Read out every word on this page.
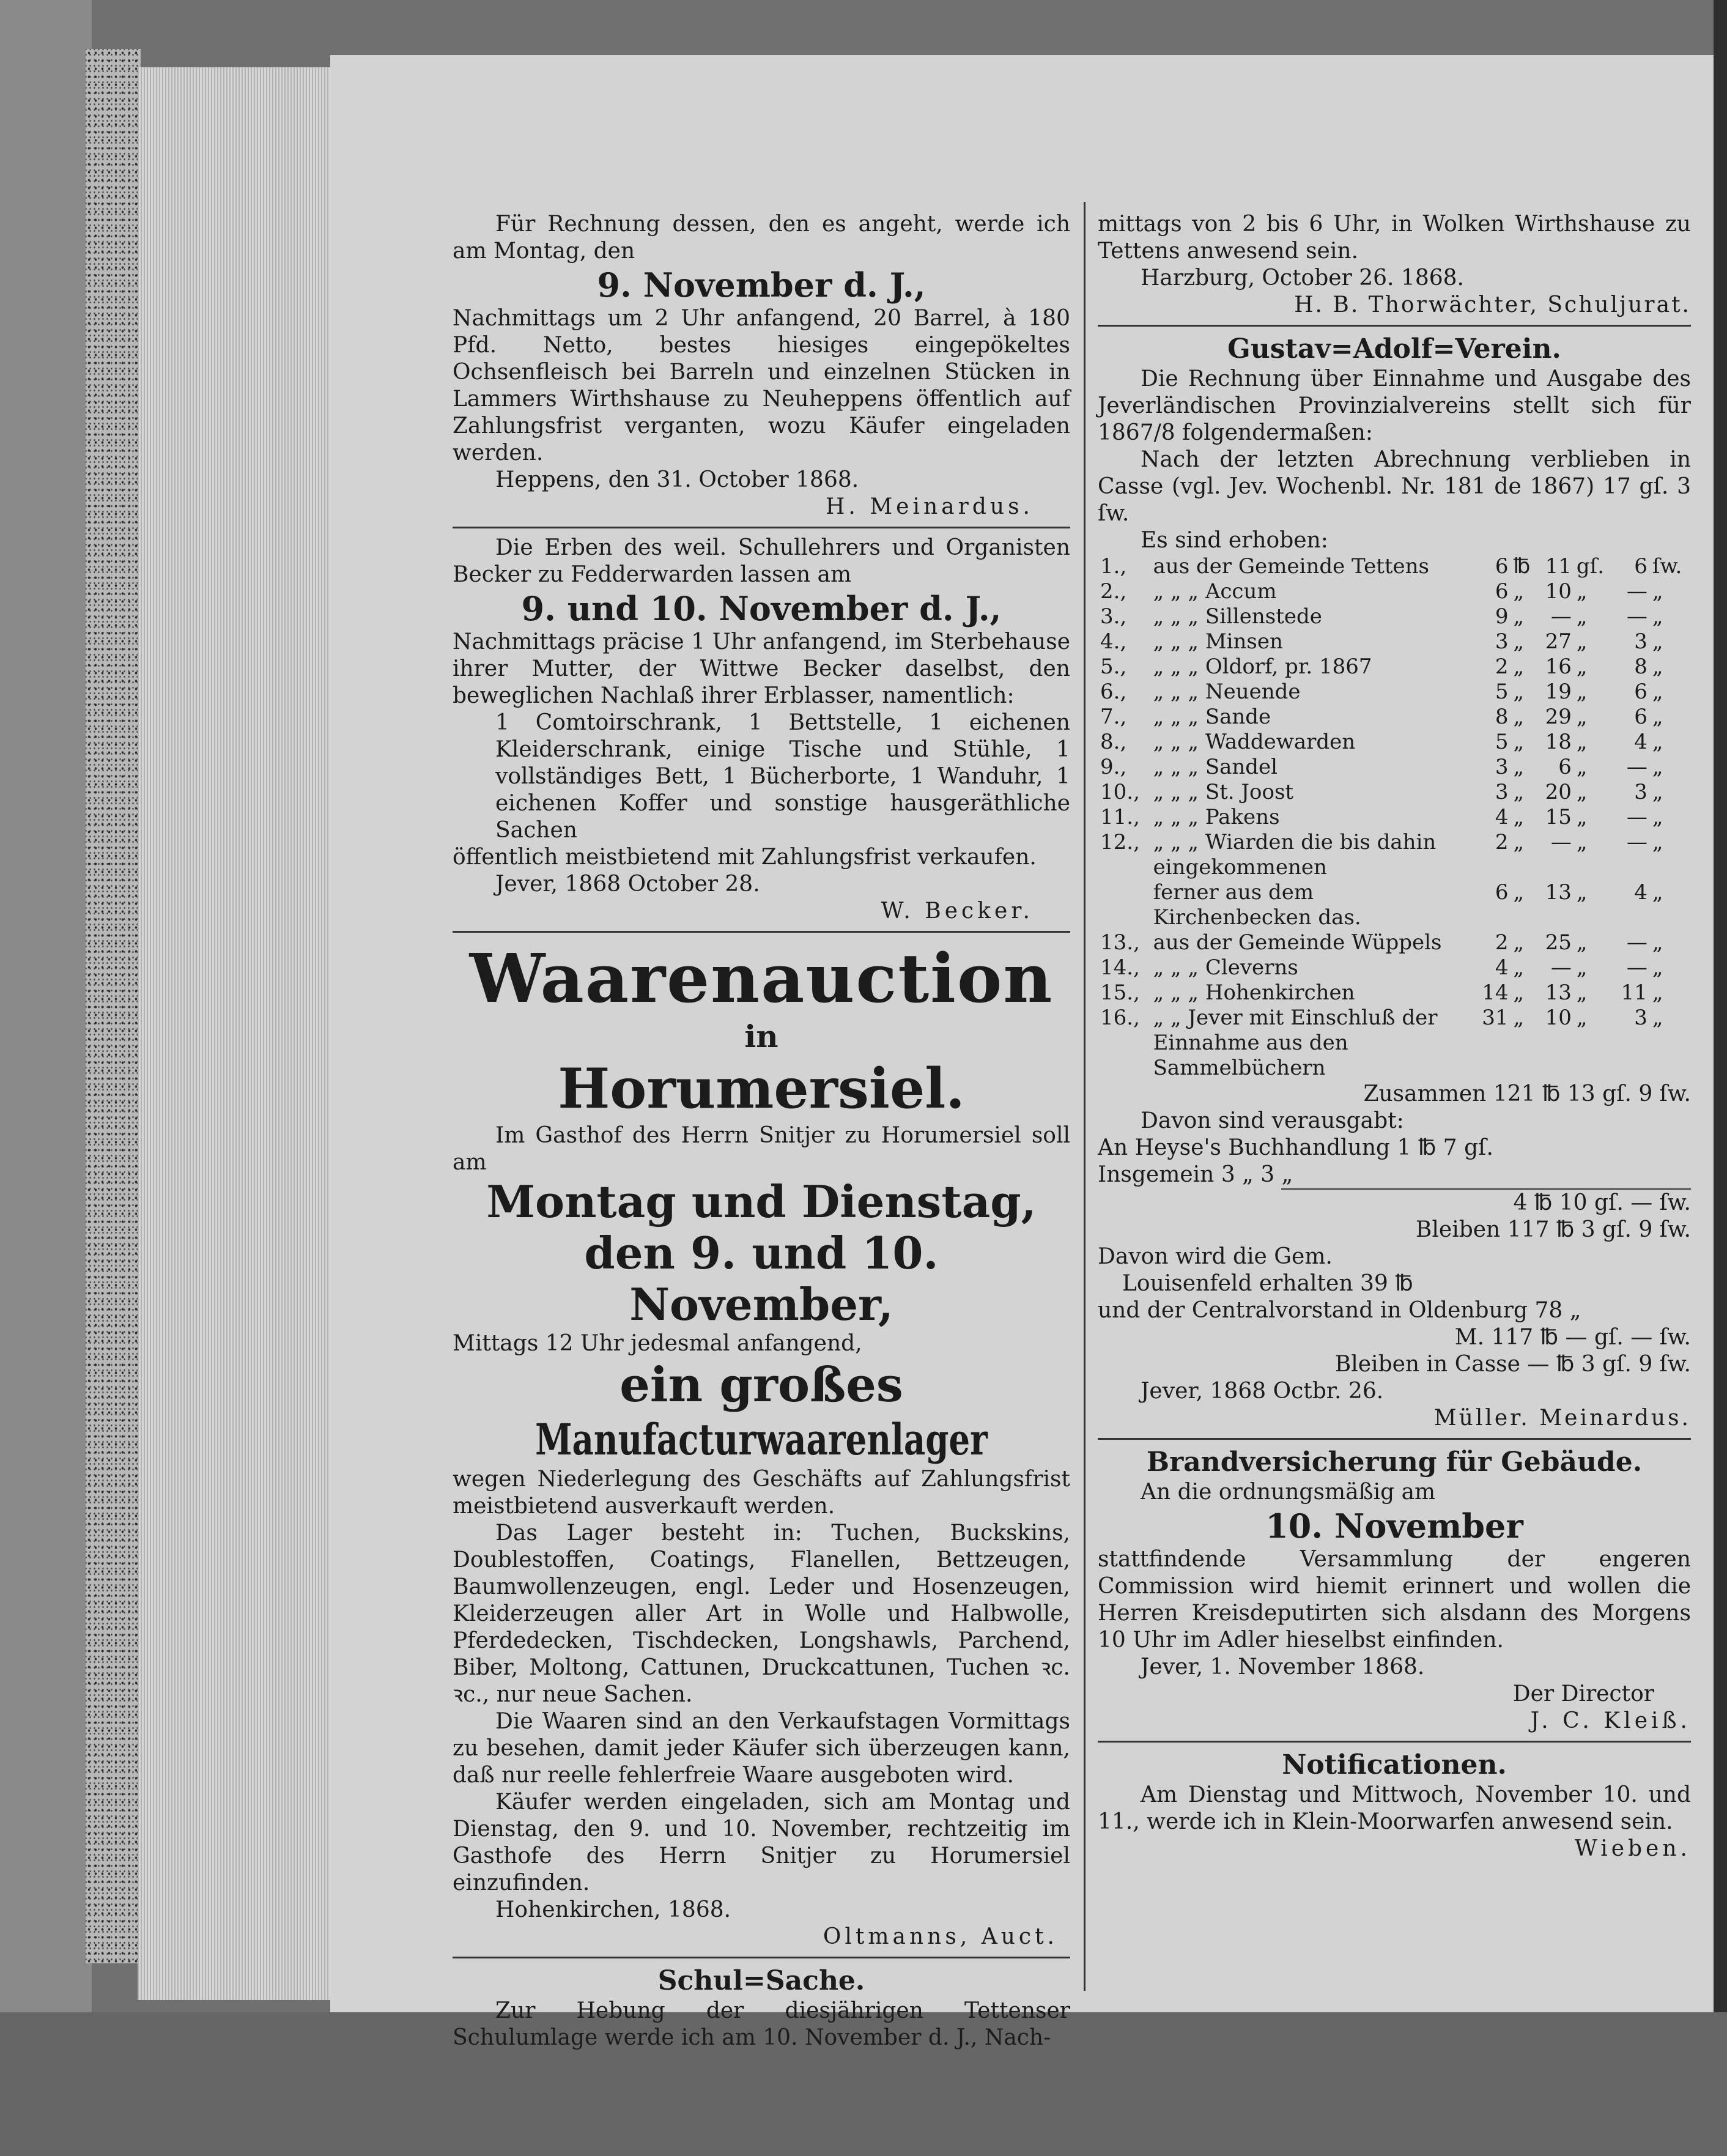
Für Rechnung dessen, den es angeht, werde ich am Montag, den

9. November d. J.,

Nachmittags um 2 Uhr anfangend, 20 Barrel, à 180 Pfd. Netto, bestes hiesiges eingepökeltes Ochsenfleisch bei Barreln und einzelnen Stücken in Lammers Wirthshause zu Neuheppens öffentlich auf Zahlungsfrist verganten, wozu Käufer eingeladen werden.

Heppens, den 31. October 1868.

H. Meinardus.

Die Erben des weil. Schullehrers und Organisten Becker zu Fedderwarden lassen am

9. und 10. November d. J.,

Nachmittags präcise 1 Uhr anfangend, im Sterbehause ihrer Mutter, der Wittwe Becker daselbst, den beweglichen Nachlaß ihrer Erblasser, namentlich:

1 Comtoirschrank, 1 Bettstelle, 1 eichenen Kleiderschrank, einige Tische und Stühle, 1 vollständiges Bett, 1 Bücherborte, 1 Wanduhr, 1 eichenen Koffer und sonstige hausgeräthliche Sachen

öffentlich meistbietend mit Zahlungsfrist verkaufen.

Jever, 1868 October 28.

W. Becker.

Waarenauction

in

Horumersiel.

Im Gasthof des Herrn Snitjer zu Horumersiel soll am

Montag und Dienstag,

den 9. und 10. November,

Mittags 12 Uhr jedesmal anfangend,

ein großes

Manufacturwaarenlager

wegen Niederlegung des Geschäfts auf Zahlungsfrist meistbietend ausverkauft werden.

Das Lager besteht in: Tuchen, Buckskins, Doublestoffen, Coatings, Flanellen, Bettzeugen, Baumwollenzeugen, engl. Leder und Hosenzeugen, Kleiderzeugen aller Art in Wolle und Halbwolle, Pferdedecken, Tischdecken, Longshawls, Parchend, Biber, Moltong, Cattunen, Druckcattunen, Tuchen ꝛc. ꝛc., nur neue Sachen.

Die Waaren sind an den Verkaufstagen Vormittags zu besehen, damit jeder Käufer sich überzeugen kann, daß nur reelle fehlerfreie Waare ausgeboten wird.

Käufer werden eingeladen, sich am Montag und Dienstag, den 9. und 10. November, rechtzeitig im Gasthofe des Herrn Snitjer zu Horumersiel einzufinden.

Hohenkirchen, 1868.

Oltmanns, Auct.

Schul=Sache.

Zur Hebung der diesjährigen Tettenser Schulumlage werde ich am 10. November d. J., Nach-

mittags von 2 bis 6 Uhr, in Wolken Wirthshause zu Tettens anwesend sein.

Harzburg, October 26. 1868.

H. B. Thorwächter, Schuljurat.

Gustav=Adolf=Verein.

Die Rechnung über Einnahme und Ausgabe des Jeverländischen Provinzialvereins stellt sich für 1867/8 folgendermaßen:

Nach der letzten Abrechnung verblieben in Casse (vgl. Jev. Wochenbl. Nr. 181 de 1867) 17 gſ. 3 ſw.

Es sind erhoben:

1.,	aus der Gemeinde Tettens	6	℔	11	gſ.	6	ſw.
2.,	„ „ „ Accum	6	„	10	„	—	„
3.,	„ „ „ Sillenstede	9	„	—	„	—	„
4.,	„ „ „ Minsen	3	„	27	„	3	„
5.,	„ „ „ Oldorf, pr. 1867	2	„	16	„	8	„
6.,	„ „ „ Neuende	5	„	19	„	6	„
7.,	„ „ „ Sande	8	„	29	„	6	„
8.,	„ „ „ Waddewarden	5	„	18	„	4	„
9.,	„ „ „ Sandel	3	„	6	„	—	„
10.,	„ „ „ St. Joost	3	„	20	„	3	„
11.,	„ „ „ Pakens	4	„	15	„	—	„
12.,	„ „ „ Wiarden die bis dahin eingekommenen	2	„	—	„	—	„
	ferner aus dem Kirchenbecken das.	6	„	13	„	4	„
13.,	aus der Gemeinde Wüppels	2	„	25	„	—	„
14.,	„ „ „ Cleverns	4	„	—	„	—	„
15.,	„ „ „ Hohenkirchen	14	„	13	„	11	„
16.,	„ „ Jever mit Einschluß der Einnahme aus den Sammelbüchern	31	„	10	„	3	„

Zusammen 121 ℔ 13 gſ. 9 ſw.

Davon sind verausgabt:

An Heyse's Buchhandlung 1 ℔ 7 gſ.

Insgemein 3 „ 3 „

4 ℔ 10 gſ. — ſw.

Bleiben 117 ℔ 3 gſ. 9 ſw.

Davon wird die Gem.

Louisenfeld erhalten 39 ℔

und der Centralvorstand in Oldenburg 78 „

M. 117 ℔ — gſ. — ſw.

Bleiben in Casse — ℔ 3 gſ. 9 ſw.

Jever, 1868 Octbr. 26.

Müller. Meinardus.

Brandversicherung für Gebäude.

An die ordnungsmäßig am

10. November

stattfindende Versammlung der engeren Commission wird hiemit erinnert und wollen die Herren Kreisdeputirten sich alsdann des Morgens 10 Uhr im Adler hieselbst einfinden.

Jever, 1. November 1868.

Der Director

J. C. Kleiß.

Notificationen.

Am Dienstag und Mittwoch, November 10. und 11., werde ich in Klein-Moorwarfen anwesend sein.

Wieben.
